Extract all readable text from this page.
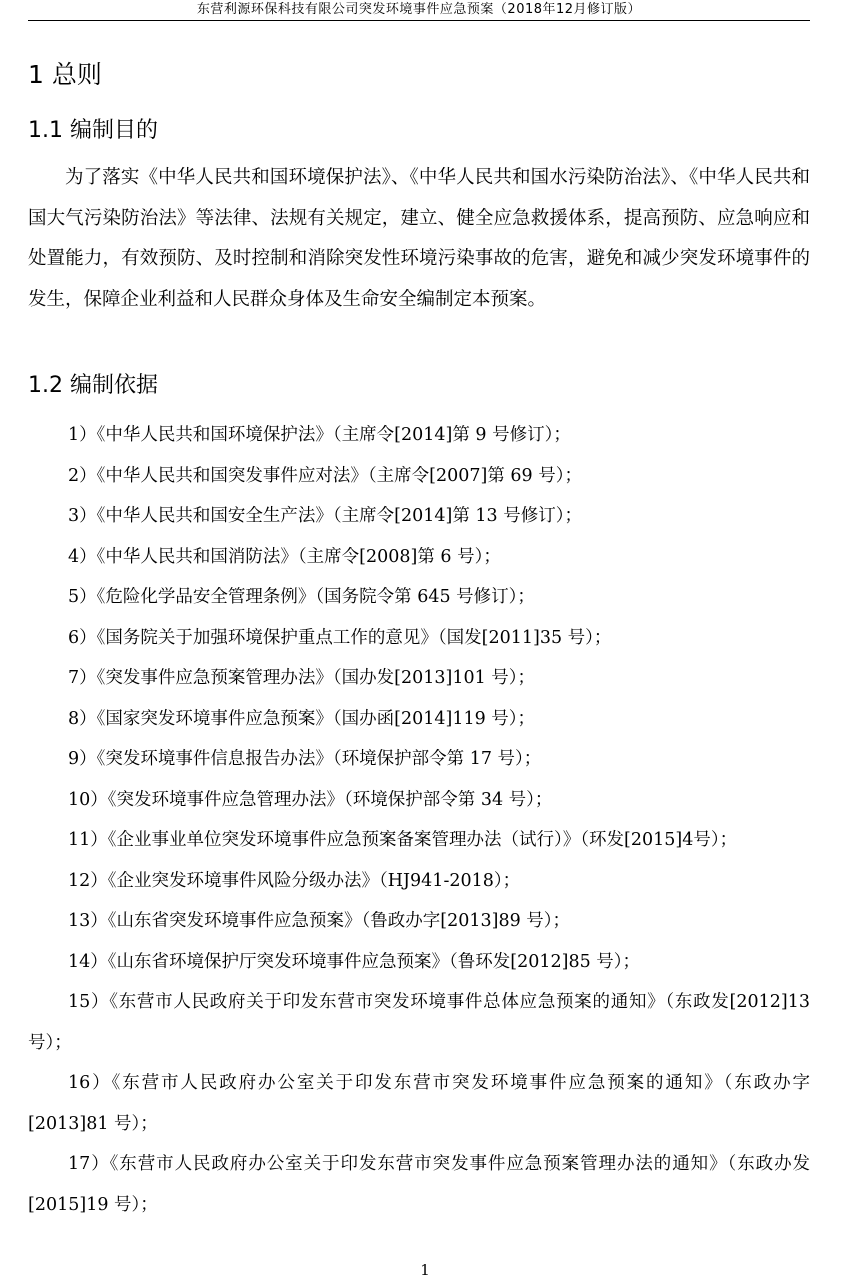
东营利源环保科技有限公司突发环境事件应急预案（2018年12月修订版）
1 总则
1.1 编制目的

为了落实《中华人民共和国环境保护法》、《中华人民共和国水污染防治法》、《中华人民共和国大气污染防治法》等法律、法规有关规定，建立、健全应急救援体系，提高预防、应急响应和处置能力，有效预防、及时控制和消除突发性环境污染事故的危害，避免和减少突发环境事件的发生，保障企业利益和人民群众身体及生命安全编制定本预案。

1.2 编制依据
1）《中华人民共和国环境保护法》（主席令[2014]第 9 号修订）；
2）《中华人民共和国突发事件应对法》（主席令[2007]第 69 号）；
3）《中华人民共和国安全生产法》（主席令[2014]第 13 号修订）；
4）《中华人民共和国消防法》（主席令[2008]第 6 号）；
5）《危险化学品安全管理条例》（国务院令第 645 号修订）；
6）《国务院关于加强环境保护重点工作的意见》（国发[2011]35 号）；
7）《突发事件应急预案管理办法》（国办发[2013]101 号）；
8）《国家突发环境事件应急预案》（国办函[2014]119 号）；
9）《突发环境事件信息报告办法》（环境保护部令第 17 号）；
10）《突发环境事件应急管理办法》（环境保护部令第 34 号）；
11）《企业事业单位突发环境事件应急预案备案管理办法（试行）》（环发[2015]4号）；
12）《企业突发环境事件风险分级办法》（HJ941-2018）；
13）《山东省突发环境事件应急预案》（鲁政办字[2013]89 号）；
14）《山东省环境保护厅突发环境事件应急预案》（鲁环发[2012]85 号）；
15）《东营市人民政府关于印发东营市突发环境事件总体应急预案的通知》（东政发[2012]13 号）；
16）《东营市人民政府办公室关于印发东营市突发环境事件应急预案的通知》（东政办字[2013]81 号）；
17）《东营市人民政府办公室关于印发东营市突发事件应急预案管理办法的通知》（东政办发[2015]19 号）；
1
